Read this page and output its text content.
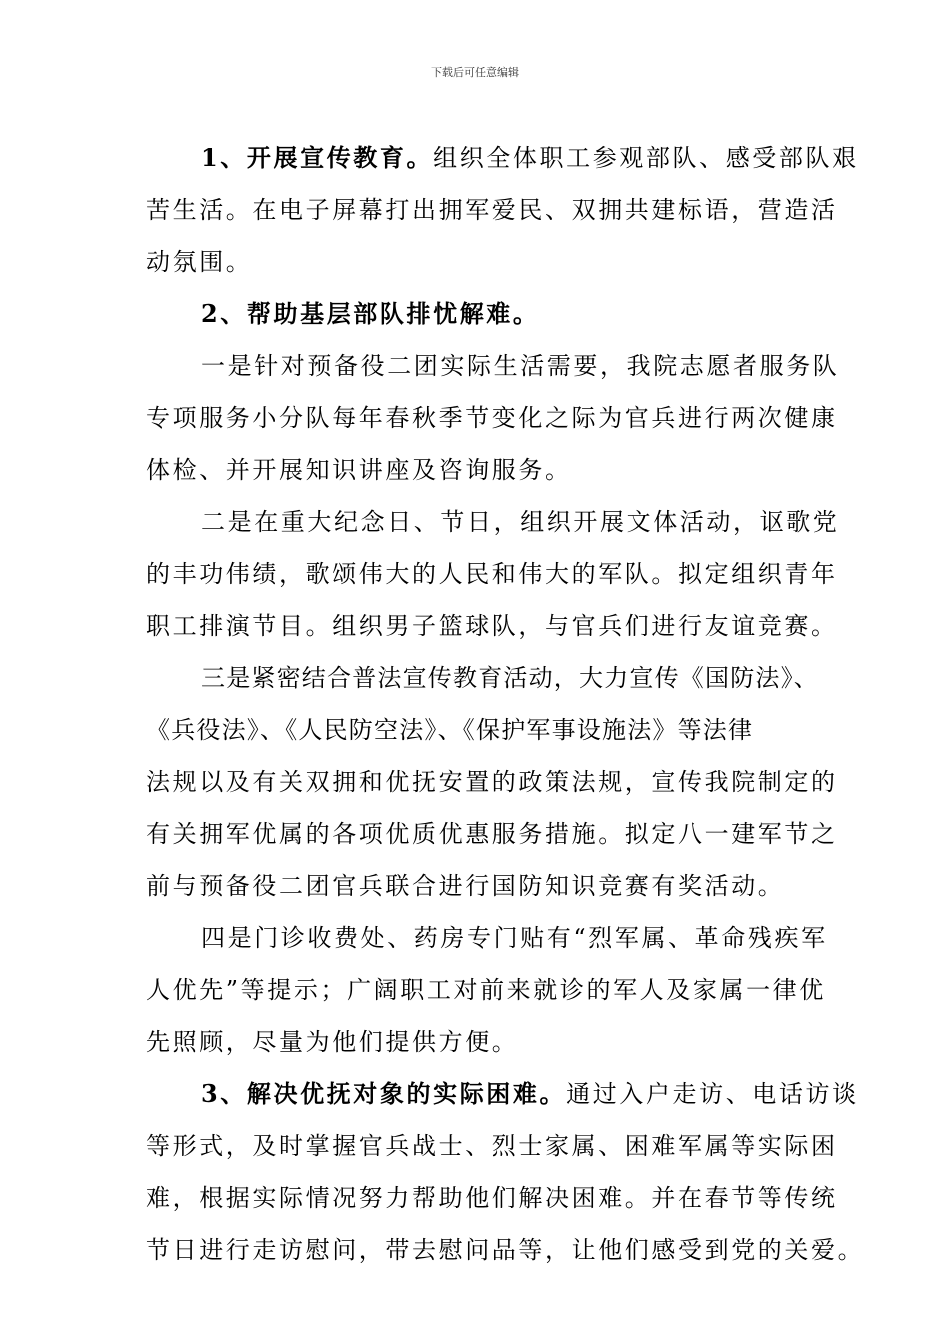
下载后可任意编辑
1、开展宣传教育。组织全体职工参观部队、感受部队艰
苦生活。在电子屏幕打出拥军爱民、双拥共建标语，营造活
动氛围。
2、帮助基层部队排忧解难。
一是针对预备役二团实际生活需要，我院志愿者服务队
专项服务小分队每年春秋季节变化之际为官兵进行两次健康
体检、并开展知识讲座及咨询服务。
二是在重大纪念日、节日，组织开展文体活动，讴歌党
的丰功伟绩，歌颂伟大的人民和伟大的军队。拟定组织青年
职工排演节目。组织男子篮球队，与官兵们进行友谊竞赛。
三是紧密结合普法宣传教育活动，大力宣传《国防法》、
《兵役法》、《人民防空法》、《保护军事设施法》等法律
法规以及有关双拥和优抚安置的政策法规，宣传我院制定的
有关拥军优属的各项优质优惠服务措施。拟定八一建军节之
前与预备役二团官兵联合进行国防知识竞赛有奖活动。
四是门诊收费处、药房专门贴有“烈军属、革命残疾军
人优先”等提示；广阔职工对前来就诊的军人及家属一律优
先照顾，尽量为他们提供方便。
3、解决优抚对象的实际困难。通过入户走访、电话访谈
等形式，及时掌握官兵战士、烈士家属、困难军属等实际困
难，根据实际情况努力帮助他们解决困难。并在春节等传统
节日进行走访慰问，带去慰问品等，让他们感受到党的关爱。
